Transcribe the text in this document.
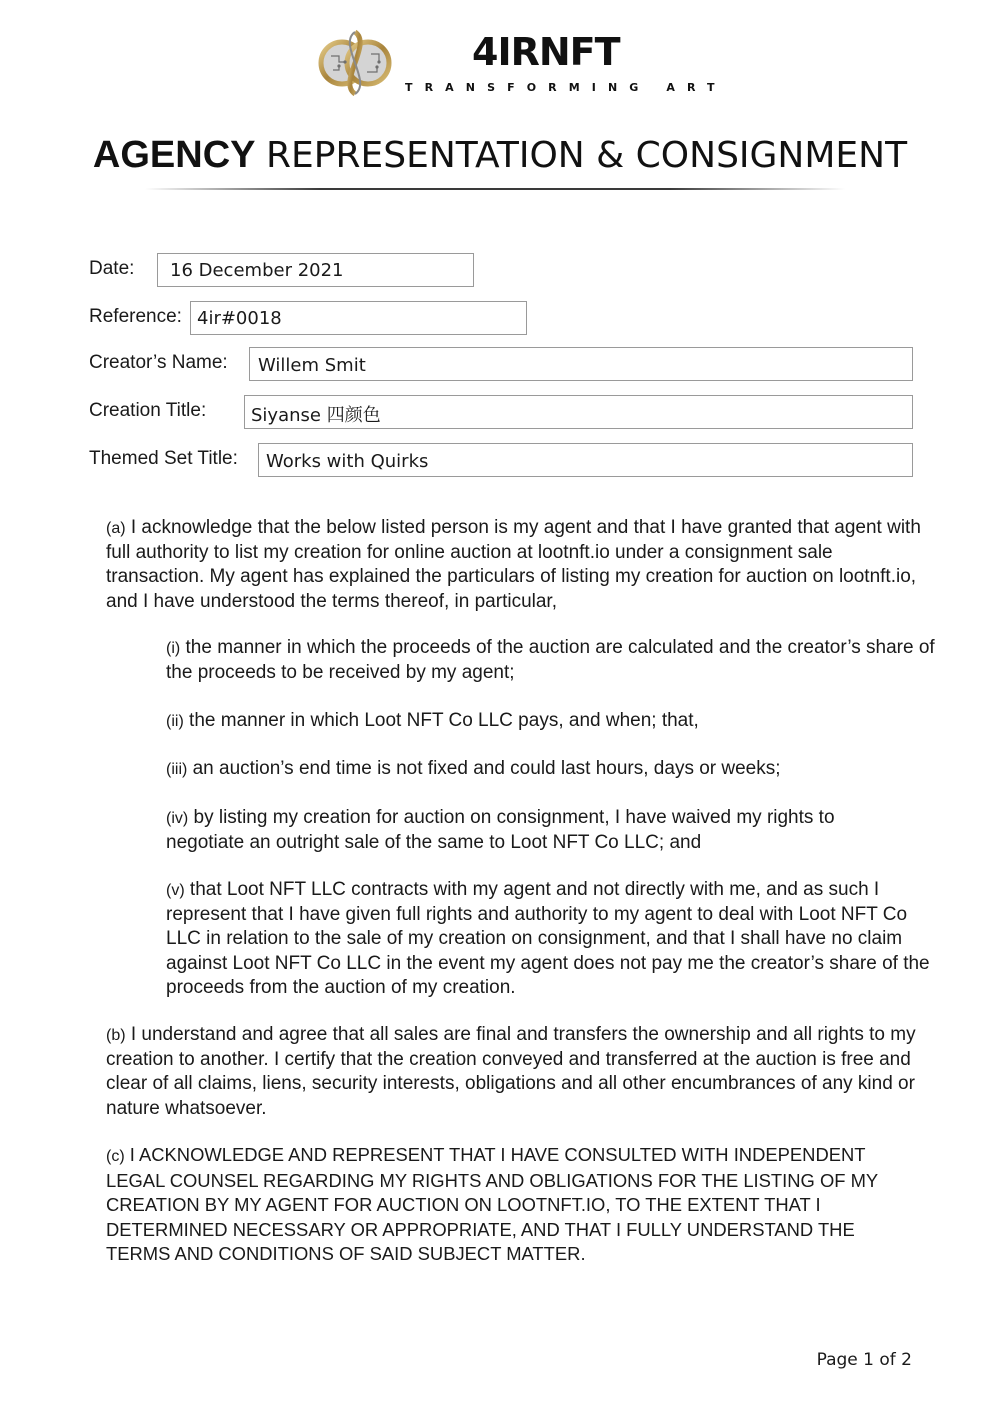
4IRNFT
TRANSFORMING ART
AGENCY REPRESENTATION & CONSIGNMENT
Date:	16 December 2021
Reference: 4ir#0018
Creator’s Name:	Willem Smit
Creation Title:	Siyanse 四颜色
Themed Set Title:	Works with Quirks
(a) I acknowledge that the below listed person is my agent and that I have granted that agent with full authority to list my creation for online auction at lootnft.io under a consignment sale transaction. My agent has explained the particulars of listing my creation for auction on lootnft.io, and I have understood the terms thereof, in particular,
(i) the manner in which the proceeds of the auction are calculated and the creator’s share of the proceeds to be received by my agent;
(ii) the manner in which Loot NFT Co LLC pays, and when; that,
(iii) an auction’s end time is not fixed and could last hours, days or weeks;
(iv) by listing my creation for auction on consignment, I have waived my rights to negotiate an outright sale of the same to Loot NFT Co LLC; and
(v) that Loot NFT LLC contracts with my agent and not directly with me, and as such I represent that I have given full rights and authority to my agent to deal with Loot NFT Co LLC in relation to the sale of my creation on consignment, and that I shall have no claim against Loot NFT Co LLC in the event my agent does not pay me the creator’s share of the proceeds from the auction of my creation.
(b) I understand and agree that all sales are final and transfers the ownership and all rights to my creation to another. I certify that the creation conveyed and transferred at the auction is free and clear of all claims, liens, security interests, obligations and all other encumbrances of any kind or nature whatsoever.
(c) I ACKNOWLEDGE AND REPRESENT THAT I HAVE CONSULTED WITH INDEPENDENT LEGAL COUNSEL REGARDING MY RIGHTS AND OBLIGATIONS FOR THE LISTING OF MY CREATION BY MY AGENT FOR AUCTION ON LOOTNFT.IO, TO THE EXTENT THAT I DETERMINED NECESSARY OR APPROPRIATE, AND THAT I FULLY UNDERSTAND THE TERMS AND CONDITIONS OF SAID SUBJECT MATTER.
Page 1 of 2
